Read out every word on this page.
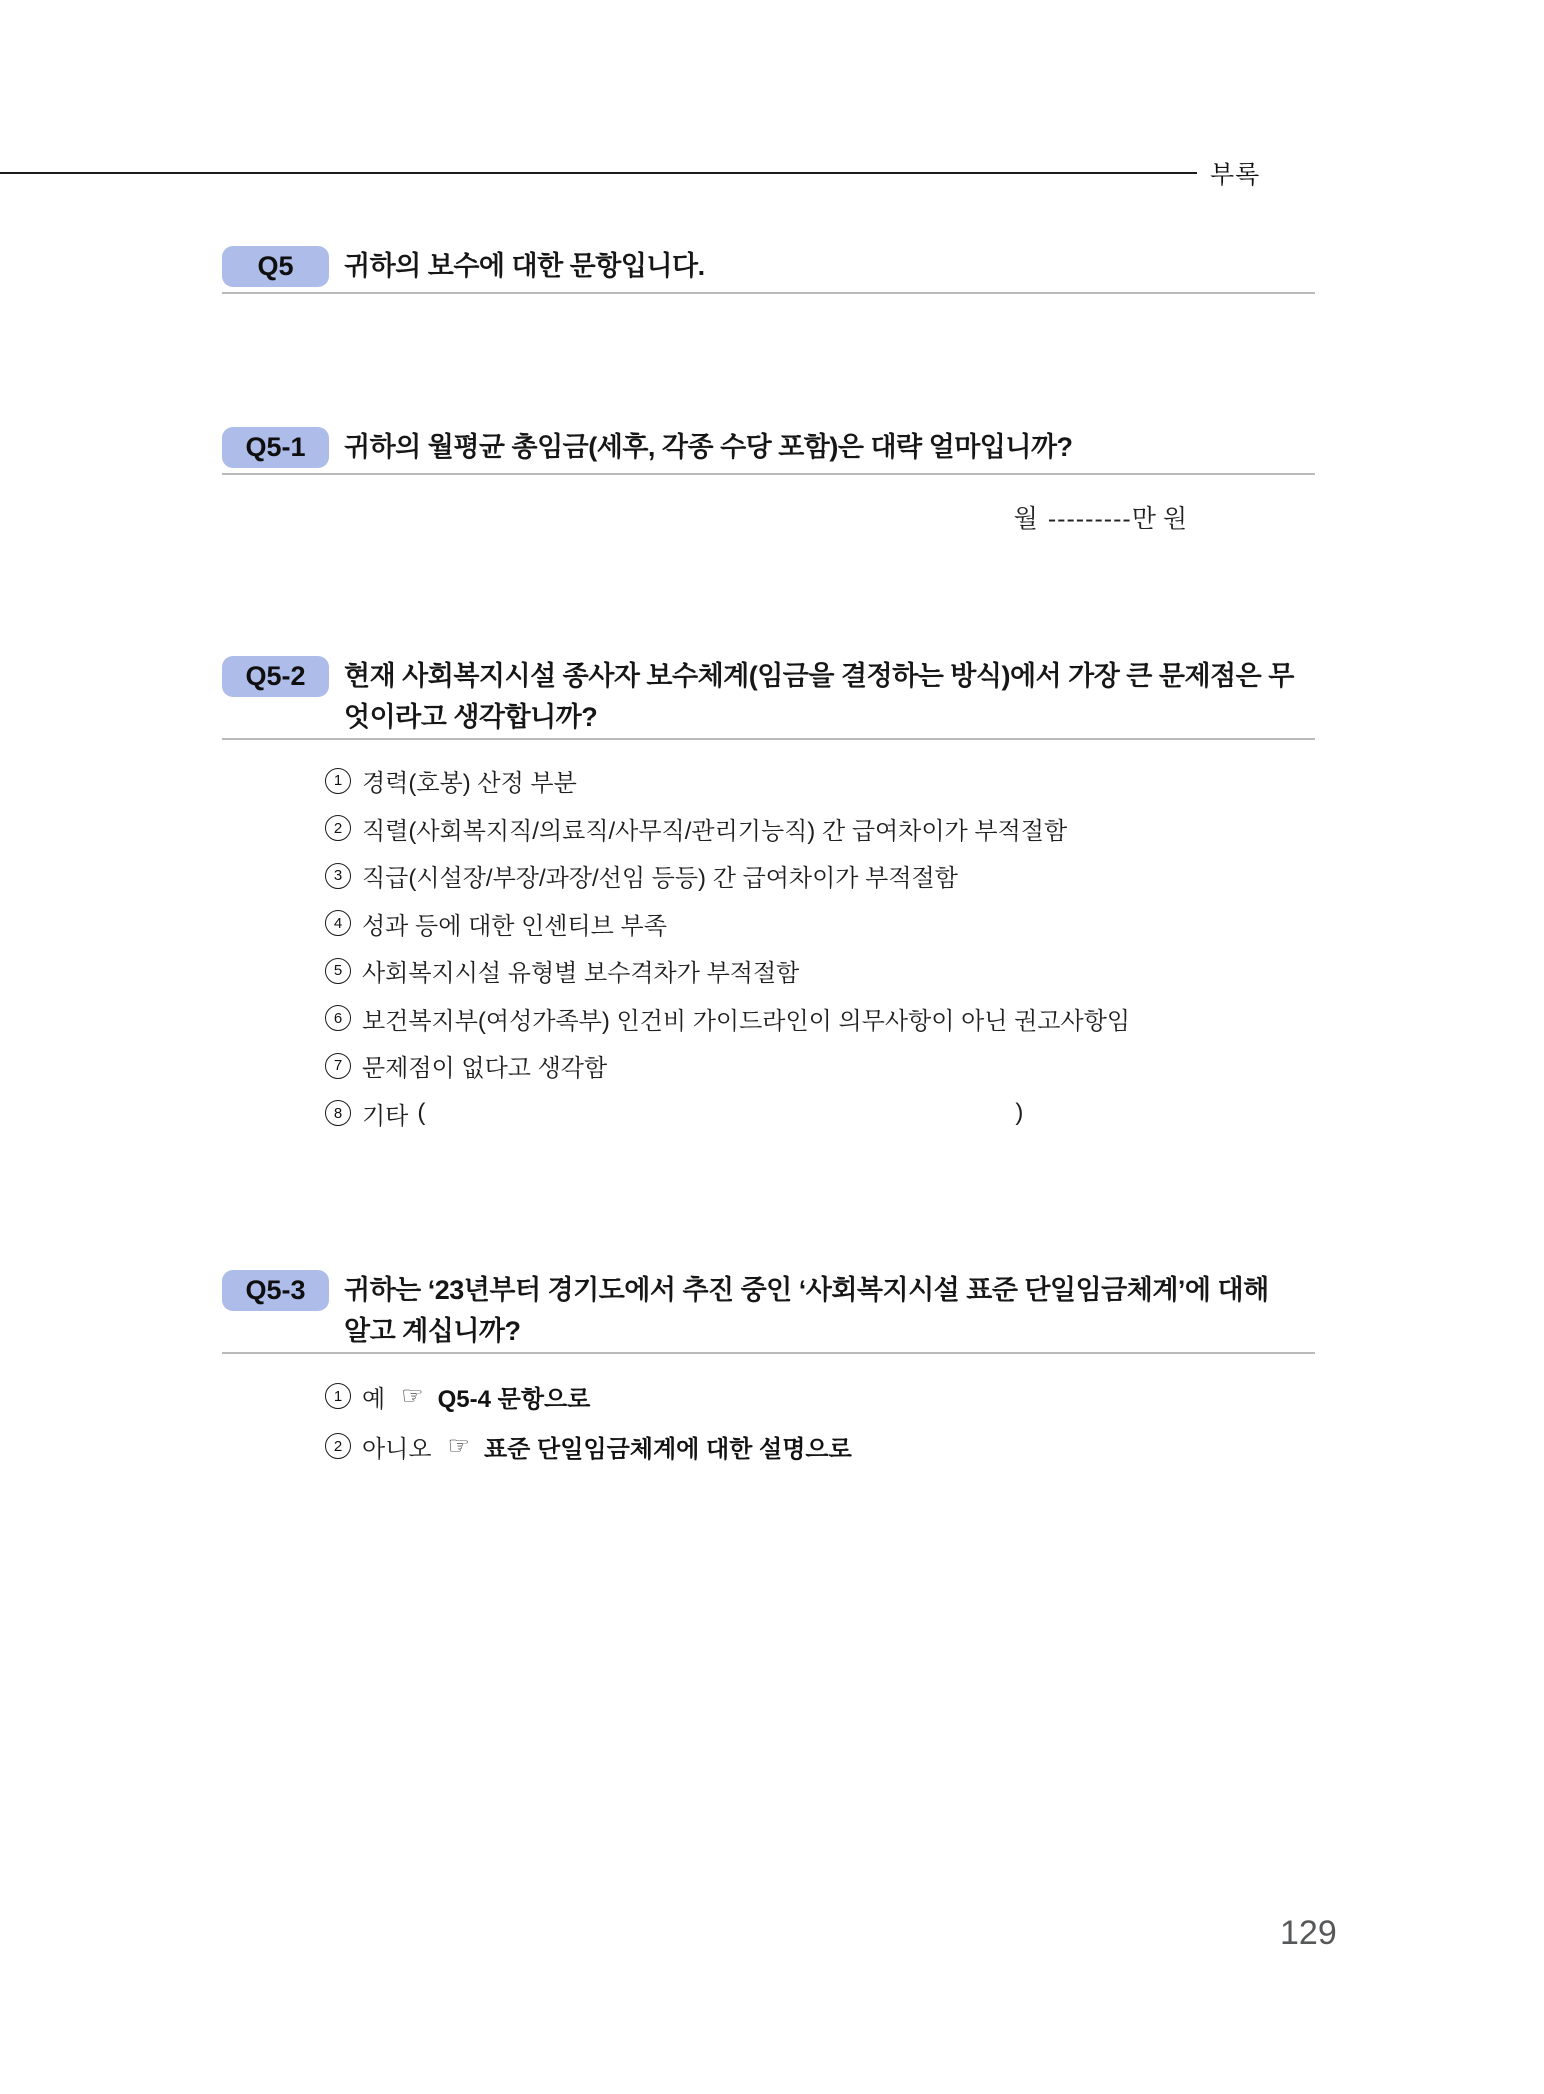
부록
Q5	귀하의 보수에 대한 문항입니다.
Q5-1	귀하의 월평균 총임금(세후, 각종 수당 포함)은 대략 얼마입니까?
월 ---------만 원
Q5-2	현재 사회복지시설 종사자 보수체계(임금을 결정하는 방식)에서 가장 큰 문제점은 무엇이라고 생각합니까?
1 경력(호봉) 산정 부분
2 직렬(사회복지직/의료직/사무직/관리기능직) 간 급여차이가 부적절함
3 직급(시설장/부장/과장/선임 등등) 간 급여차이가 부적절함
4 성과 등에 대한 인센티브 부족
5 사회복지시설 유형별 보수격차가 부적절함
6 보건복지부(여성가족부) 인건비 가이드라인이 의무사항이 아닌 권고사항임
7 문제점이 없다고 생각함
8 기타 (	)
Q5-3	귀하는 ‘23년부터 경기도에서 추진 중인 ‘사회복지시설 표준 단일임금체계’에 대해 알고 계십니까?
1 예 ☞ Q5-4 문항으로
2 아니오 ☞ 표준 단일임금체계에 대한 설명으로
129
